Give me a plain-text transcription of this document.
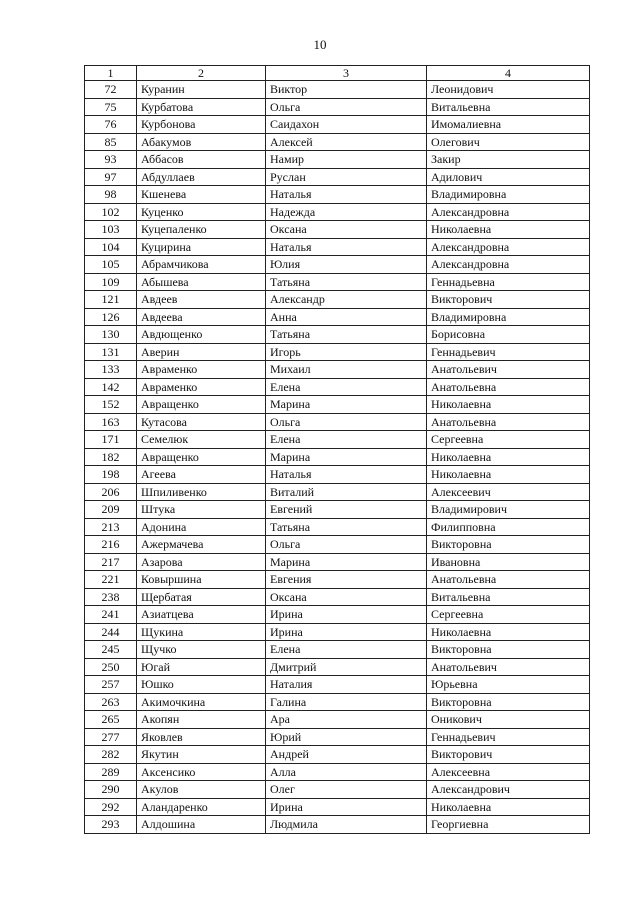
10
1	2	3	4
72	Куранин	Виктор	Леонидович
75	Курбатова	Ольга	Витальевна
76	Курбонова	Саидахон	Имомалиевна
85	Абакумов	Алексей	Олегович
93	Аббасов	Намир	Закир
97	Абдуллаев	Руслан	Адилович
98	Кшенева	Наталья	Владимировна
102	Куценко	Надежда	Александровна
103	Куцепаленко	Оксана	Николаевна
104	Куцирина	Наталья	Александровна
105	Абрамчикова	Юлия	Александровна
109	Абышева	Татьяна	Геннадьевна
121	Авдеев	Александр	Викторович
126	Авдеева	Анна	Владимировна
130	Авдющенко	Татьяна	Борисовна
131	Аверин	Игорь	Геннадьевич
133	Авраменко	Михаил	Анатольевич
142	Авраменко	Елена	Анатольевна
152	Авращенко	Марина	Николаевна
163	Кутасова	Ольга	Анатольевна
171	Семелюк	Елена	Сергеевна
182	Авращенко	Марина	Николаевна
198	Агеева	Наталья	Николаевна
206	Шпиливенко	Виталий	Алексеевич
209	Штука	Евгений	Владимирович
213	Адонина	Татьяна	Филипповна
216	Ажермачева	Ольга	Викторовна
217	Азарова	Марина	Ивановна
221	Ковыршина	Евгения	Анатольевна
238	Щербатая	Оксана	Витальевна
241	Азиатцева	Ирина	Сергеевна
244	Щукина	Ирина	Николаевна
245	Щучко	Елена	Викторовна
250	Югай	Дмитрий	Анатольевич
257	Юшко	Наталия	Юрьевна
263	Акимочкина	Галина	Викторовна
265	Акопян	Ара	Оникович
277	Яковлев	Юрий	Геннадьевич
282	Якутин	Андрей	Викторович
289	Аксенсико	Алла	Алексеевна
290	Акулов	Олег	Александрович
292	Аландаренко	Ирина	Николаевна
293	Алдошина	Людмила	Георгиевна
